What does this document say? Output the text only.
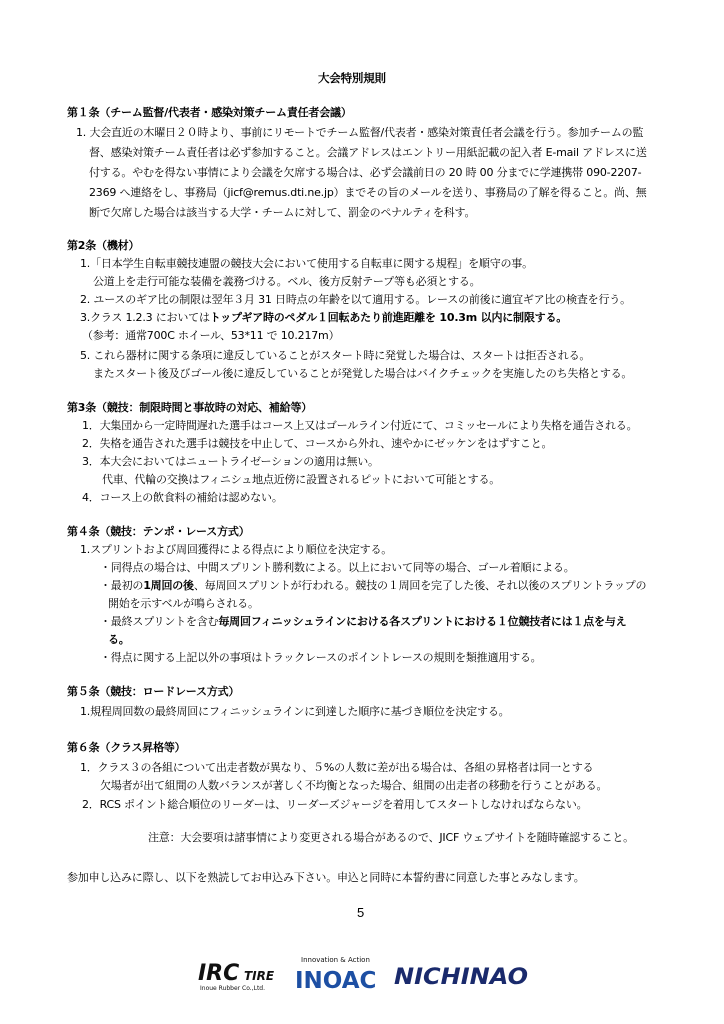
大会特別規則
第１条（チーム監督/代表者・感染対策チーム責任者会議）
1. 大会直近の木曜日２０時より、事前にリモートでチーム監督/代表者・感染対策責任者会議を行う。参加チームの監
督、感染対策チーム責任者は必ず参加すること。会議アドレスはエントリー用紙記載の記入者 E-mail アドレスに送
付する。やむを得ない事情により会議を欠席する場合は、必ず会議前日の 20 時 00 分までに学連携帯 090-2207-
2369 へ連絡をし、事務局（jicf@remus.dti.ne.jp）までその旨のメールを送り、事務局の了解を得ること。尚、無
断で欠席した場合は該当する大学・チームに対して、罰金のペナルティを科す。
第2条（機材）
1.「日本学生自転車競技連盟の競技大会において使用する自転車に関する規程」を順守の事。
公道上を走行可能な装備を義務づける。ベル、後方反射テープ等も必須とする。
2. ユースのギア比の制限は翌年３月 31 日時点の年齢を以て適用する。レースの前後に適宜ギア比の検査を行う。
3.クラス 1.2.3 においてはトップギア時のペダル１回転あたり前進距離を 10.3m 以内に制限する。
（参考：通常700C ホイール、53*11 で 10.217m）
5. これら器材に関する条項に違反していることがスタート時に発覚した場合は、スタートは拒否される。
またスタート後及びゴール後に違反していることが発覚した場合はバイクチェックを実施したのち失格とする。
第3条（競技：制限時間と事故時の対応、補給等）
1．大集団から一定時間遅れた選手はコース上又はゴールライン付近にて、コミッセールにより失格を通告される。
2．失格を通告された選手は競技を中止して、コースから外れ、速やかにゼッケンをはずすこと。
3．本大会においてはニュートライゼーションの適用は無い。
代車、代輪の交換はフィニシュ地点近傍に設置されるピットにおいて可能とする。
4．コース上の飲食料の補給は認めない。
第４条（競技：テンポ・レース方式）
1.スプリントおよび周回獲得による得点により順位を決定する。
・同得点の場合は、中間スプリント勝利数による。以上において同等の場合、ゴール着順による。
・最初の1周回の後、毎周回スプリントが行われる。競技の１周回を完了した後、それ以後のスプリントラップの
開始を示すベルが鳴らされる。
・最終スプリントを含む毎周回フィニッシュラインにおける各スプリントにおける１位競技者には１点を与え
る。
・得点に関する上記以外の事項はトラックレースのポイントレースの規則を類推適用する。
第５条（競技：ロードレース方式）
1.規程周回数の最終周回にフィニッシュラインに到達した順序に基づき順位を決定する。
第６条（クラス昇格等）
1．クラス３の各組について出走者数が異なり、５%の人数に差が出る場合は、各組の昇格者は同一とする
欠場者が出て組間の人数バランスが著しく不均衡となった場合、組間の出走者の移動を行うことがある。
2．RCS ポイント総合順位のリーダーは、リーダーズジャージを着用してスタートしなければならない。
注意：大会要項は諸事情により変更される場合があるので、JICF ウェブサイトを随時確認すること。
参加申し込みに際し、以下を熟読してお申込み下さい。申込と同時に本誓約書に同意した事とみなします。
5
IRC TIRE
Inoue Rubber Co.,Ltd.
Innovation & Action
INOAC NICHINAO
